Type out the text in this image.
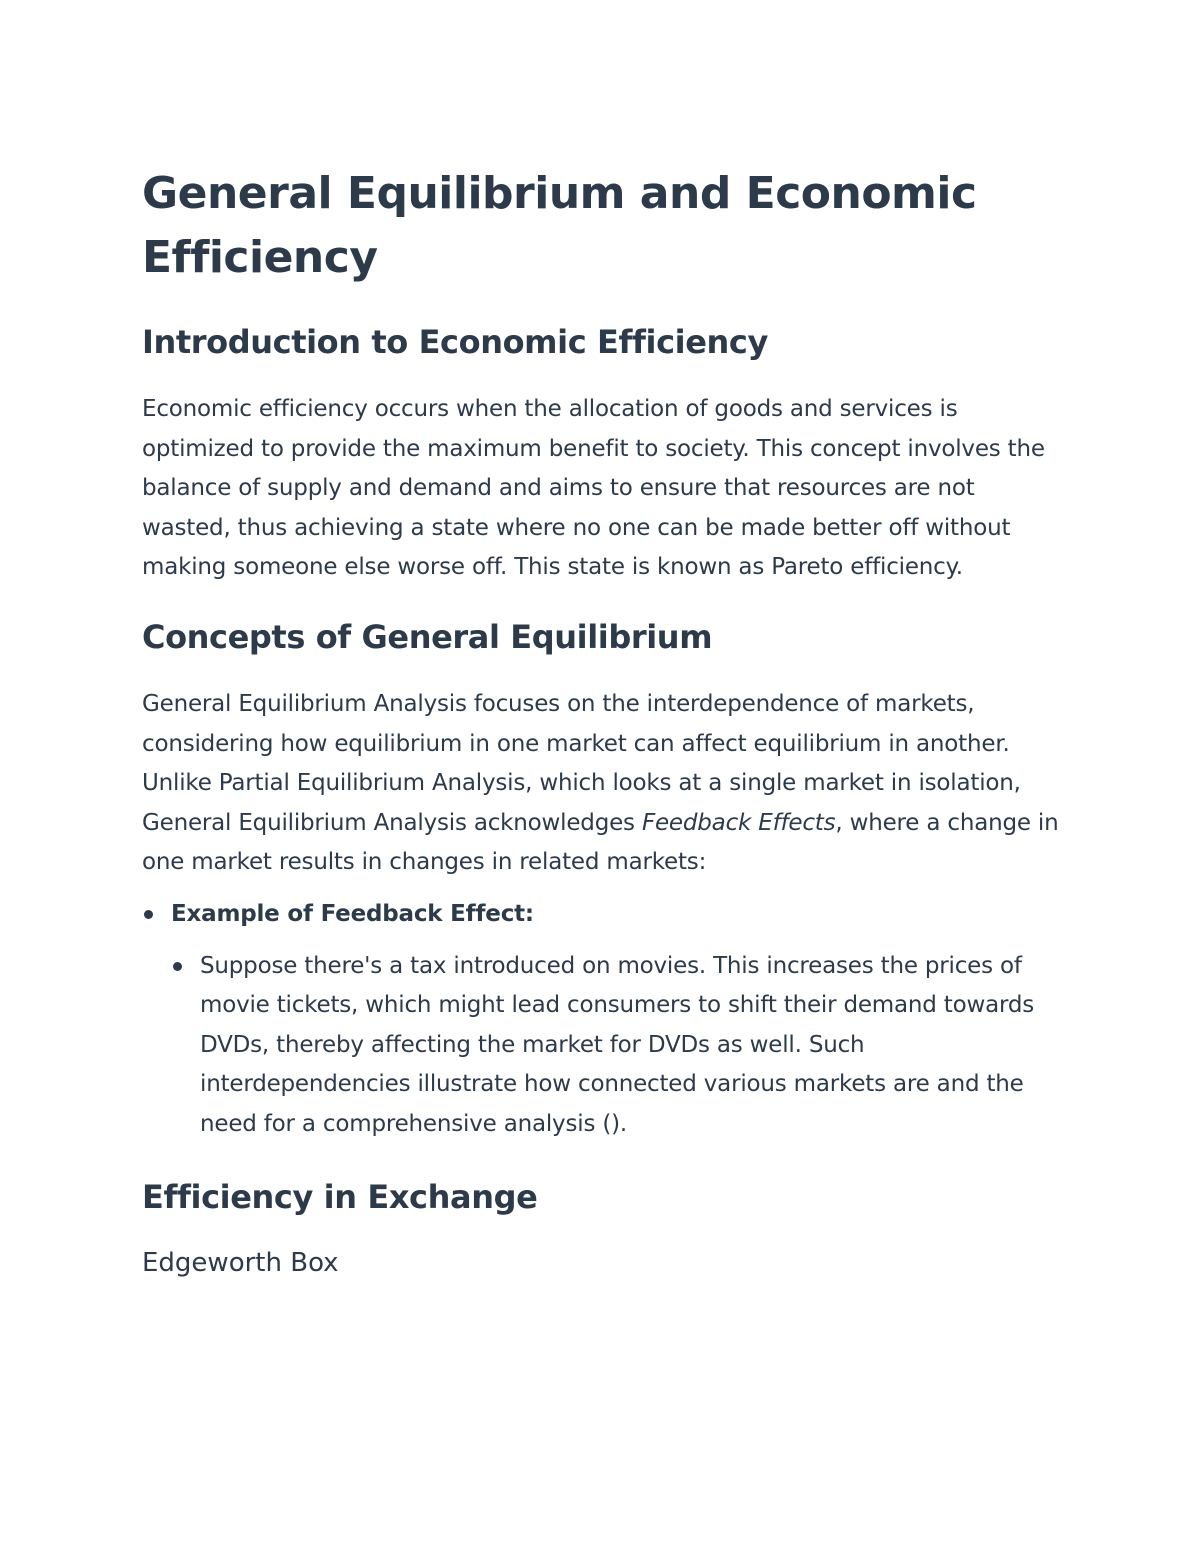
General Equilibrium and Economic Efficiency
Introduction to Economic Efficiency

Economic efficiency occurs when the allocation of goods and services is optimized to provide the maximum benefit to society. This concept involves the balance of supply and demand and aims to ensure that resources are not wasted, thus achieving a state where no one can be made better off without making someone else worse off. This state is known as Pareto efficiency.

Concepts of General Equilibrium

General Equilibrium Analysis focuses on the interdependence of markets, considering how equilibrium in one market can affect equilibrium in another. Unlike Partial Equilibrium Analysis, which looks at a single market in isolation, General Equilibrium Analysis acknowledges Feedback Effects, where a change in one market results in changes in related markets:

Example of Feedback Effect:
Suppose there's a tax introduced on movies. This increases the prices of movie tickets, which might lead consumers to shift their demand towards DVDs, thereby affecting the market for DVDs as well. Such interdependencies illustrate how connected various markets are and the need for a comprehensive analysis ().
Efficiency in Exchange
Edgeworth Box
